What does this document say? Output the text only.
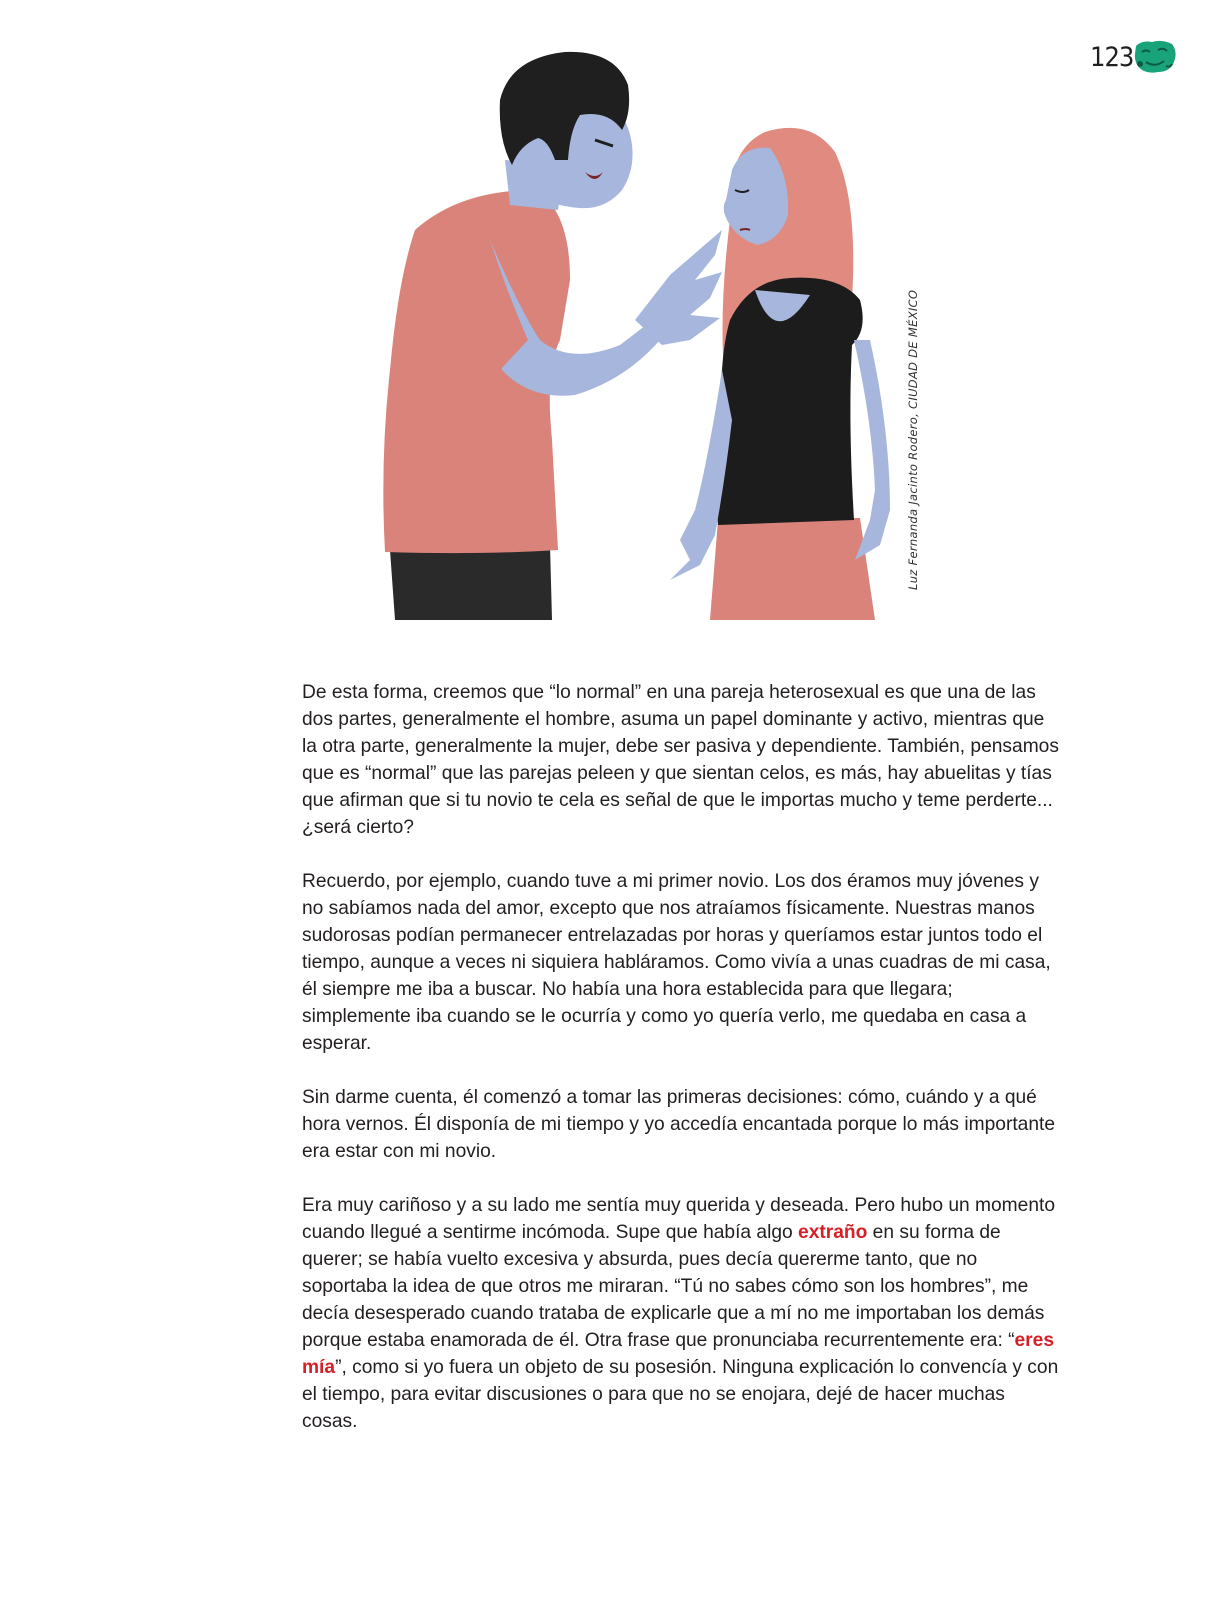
123
Luz Fernanda Jacinto Rodero, CIUDAD DE MÉXICO

De esta forma, creemos que “lo normal” en una pareja heterosexual es que una de las dos partes, generalmente el hombre, asuma un papel dominante y activo, mientras que la otra parte, generalmente la mujer, debe ser pasiva y dependiente. También, pensamos que es “normal” que las parejas peleen y que sientan celos, es más, hay abuelitas y tías que afirman que si tu novio te cela es señal de que le importas mucho y teme perderte... ¿será cierto?

Recuerdo, por ejemplo, cuando tuve a mi primer novio. Los dos éramos muy jóvenes y no sabíamos nada del amor, excepto que nos atraíamos físicamente. Nuestras manos sudorosas podían permanecer entrelazadas por horas y queríamos estar juntos todo el tiempo, aunque a veces ni siquiera habláramos. Como vivía a unas cuadras de mi casa, él siempre me iba a buscar. No había una hora establecida para que llegara; simplemente iba cuando se le ocurría y como yo quería verlo, me quedaba en casa a esperar.

Sin darme cuenta, él comenzó a tomar las primeras decisiones: cómo, cuándo y a qué hora vernos. Él disponía de mi tiempo y yo accedía encantada porque lo más importante era estar con mi novio.

Era muy cariñoso y a su lado me sentía muy querida y deseada. Pero hubo un momento cuando llegué a sentirme incómoda. Supe que había algo extraño en su forma de querer; se había vuelto excesiva y absurda, pues decía quererme tanto, que no soportaba la idea de que otros me miraran. “Tú no sabes cómo son los hombres”, me decía desesperado cuando trataba de explicarle que a mí no me importaban los demás porque estaba enamorada de él. Otra frase que pronunciaba recurrentemente era: “eres mía”, como si yo fuera un objeto de su posesión. Ninguna explicación lo convencía y con el tiempo, para evitar discusiones o para que no se enojara, dejé de hacer muchas cosas.
